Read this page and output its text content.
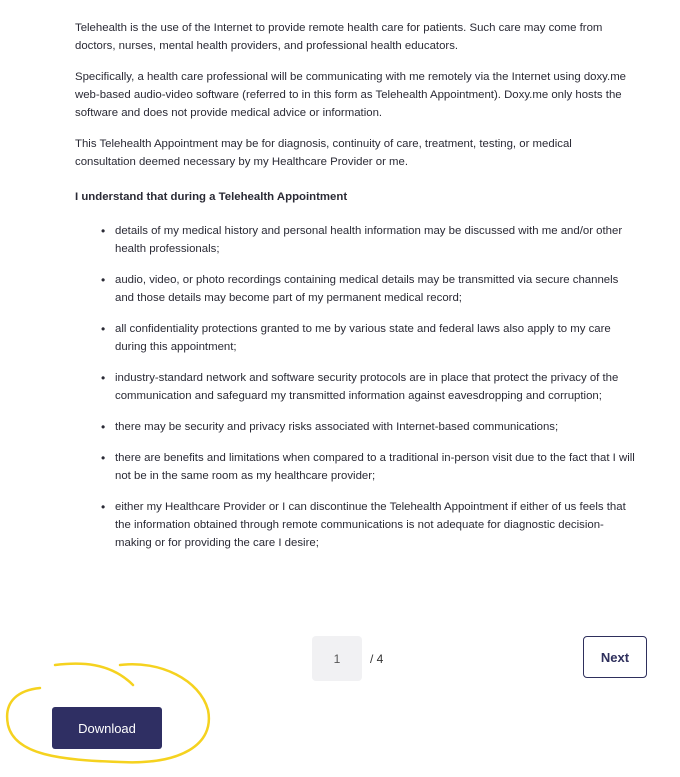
Telehealth is the use of the Internet to provide remote health care for patients. Such care may come from doctors, nurses, mental health providers, and professional health educators.

Specifically, a health care professional will be communicating with me remotely via the Internet using doxy.me web-based audio-video software (referred to in this form as Telehealth Appointment). Doxy.me only hosts the software and does not provide medical advice or information.

This Telehealth Appointment may be for diagnosis, continuity of care, treatment, testing, or medical consultation deemed necessary by my Healthcare Provider or me.

I understand that during a Telehealth Appointment

• details of my medical history and personal health information may be discussed with me and/or other health professionals;
• audio, video, or photo recordings containing medical details may be transmitted via secure channels and those details may become part of my permanent medical record;
• all confidentiality protections granted to me by various state and federal laws also apply to my care during this appointment;
• industry-standard network and software security protocols are in place that protect the privacy of the communication and safeguard my transmitted information against eavesdropping and corruption;
• there may be security and privacy risks associated with Internet-based communications;
• there are benefits and limitations when compared to a traditional in-person visit due to the fact that I will not be in the same room as my healthcare provider;
• either my Healthcare Provider or I can discontinue the Telehealth Appointment if either of us feels that the information obtained through remote communications is not adequate for diagnostic decision-making or for providing the care I desire;
1
/ 4	Next
Download
